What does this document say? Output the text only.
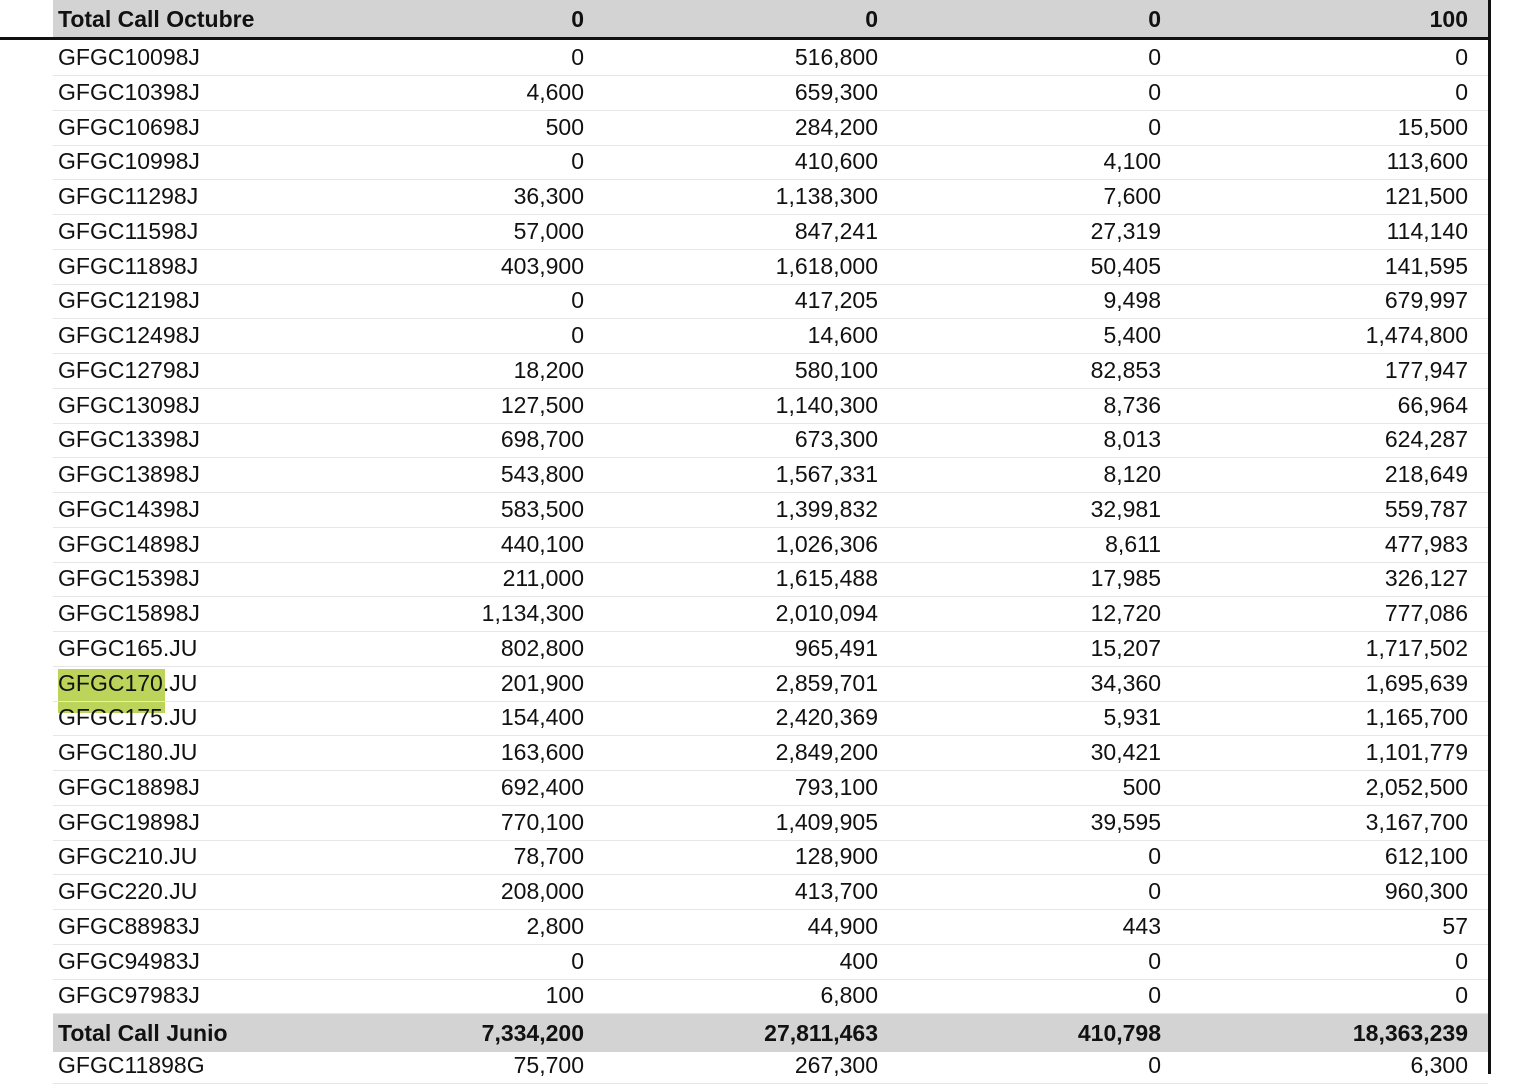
Total Call Octubre	0	0	0	100
GFGC10098J	0	516,800	0	0
GFGC10398J	4,600	659,300	0	0
GFGC10698J	500	284,200	0	15,500
GFGC10998J	0	410,600	4,100	113,600
GFGC11298J	36,300	1,138,300	7,600	121,500
GFGC11598J	57,000	847,241	27,319	114,140
GFGC11898J	403,900	1,618,000	50,405	141,595
GFGC12198J	0	417,205	9,498	679,997
GFGC12498J	0	14,600	5,400	1,474,800
GFGC12798J	18,200	580,100	82,853	177,947
GFGC13098J	127,500	1,140,300	8,736	66,964
GFGC13398J	698,700	673,300	8,013	624,287
GFGC13898J	543,800	1,567,331	8,120	218,649
GFGC14398J	583,500	1,399,832	32,981	559,787
GFGC14898J	440,100	1,026,306	8,611	477,983
GFGC15398J	211,000	1,615,488	17,985	326,127
GFGC15898J	1,134,300	2,010,094	12,720	777,086
GFGC165.JU	802,800	965,491	15,207	1,717,502
GFGC170.JU	201,900	2,859,701	34,360	1,695,639
GFGC175.JU	154,400	2,420,369	5,931	1,165,700
GFGC180.JU	163,600	2,849,200	30,421	1,101,779
GFGC18898J	692,400	793,100	500	2,052,500
GFGC19898J	770,100	1,409,905	39,595	3,167,700
GFGC210.JU	78,700	128,900	0	612,100
GFGC220.JU	208,000	413,700	0	960,300
GFGC88983J	2,800	44,900	443	57
GFGC94983J	0	400	0	0
GFGC97983J	100	6,800	0	0
Total Call Junio	7,334,200	27,811,463	410,798	18,363,239
GFGC11898G	75,700	267,300	0	6,300
